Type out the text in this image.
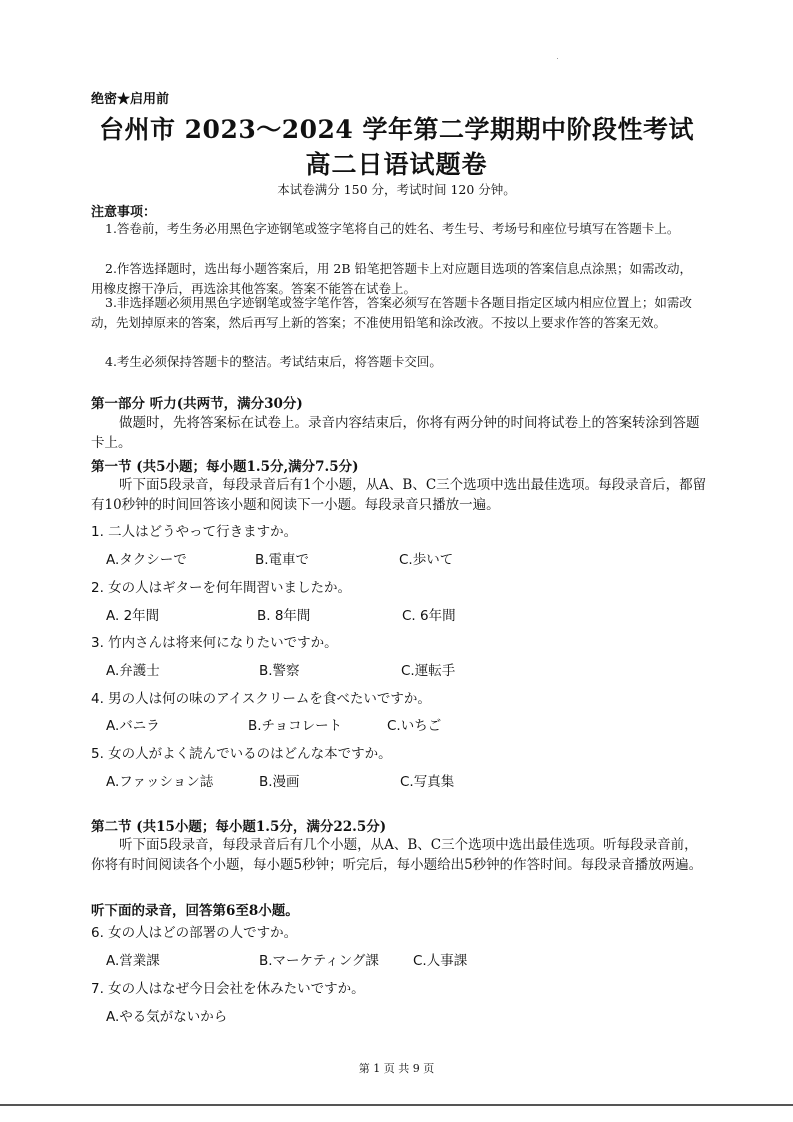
绝密★启用前
台州市 2023～2024 学年第二学期期中阶段性考试
高二日语试题卷
本试卷满分 150 分，考试时间 120 分钟。
注意事项：
1.答卷前，考生务必用黑色字迹钢笔或签字笔将自己的姓名、考生号、考场号和座位号填写在答题卡上。
2.作答选择题时，选出每小题答案后，用 2B 铅笔把答题卡上对应题目选项的答案信息点涂黑；如需改动，用橡皮擦干净后，再选涂其他答案。答案不能答在试卷上。
3.非选择题必须用黑色字迹钢笔或签字笔作答，答案必须写在答题卡各题目指定区域内相应位置上；如需改动，先划掉原来的答案，然后再写上新的答案；不准使用铅笔和涂改液。不按以上要求作答的答案无效。
4.考生必须保持答题卡的整洁。考试结束后，将答题卡交回。
第一部分 听力(共两节，满分30分)
做题时，先将答案标在试卷上。录音内容结束后，你将有两分钟的时间将试卷上的答案转涂到答题卡上。
第一节 (共5小题；每小题1.5分,满分7.5分)
听下面5段录音，每段录音后有1个小题，从A、B、C三个选项中选出最佳选项。每段录音后，都留有10秒钟的时间回答该小题和阅读下一小题。每段录音只播放一遍。
1. 二人はどうやって行きますか。
A.タクシーで	B.電車で	C.歩いて
2. 女の人はギターを何年間習いましたか。
A. 2年間	B. 8年間	C. 6年間
3. 竹内さんは将来何になりたいですか。
A.弁護士	B.警察	C.運転手
4. 男の人は何の味のアイスクリームを食べたいですか。
A.バニラ	B.チョコレート	C.いちご
5. 女の人がよく読んでいるのはどんな本ですか。
A.ファッション誌	B.漫画	C.写真集
第二节 (共15小题；每小题1.5分，满分22.5分)
听下面5段录音，每段录音后有几个小题，从A、B、C三个选项中选出最佳选项。听每段录音前，你将有时间阅读各个小题，每小题5秒钟；听完后，每小题给出5秒钟的作答时间。每段录音播放两遍。
听下面的录音，回答第6至8小题。
6. 女の人はどの部署の人ですか。
A.営業課	B.マーケティング課	C.人事課
7. 女の人はなぜ今日会社を休みたいですか。
A.やる気がないから
第 1 页 共 9 页
